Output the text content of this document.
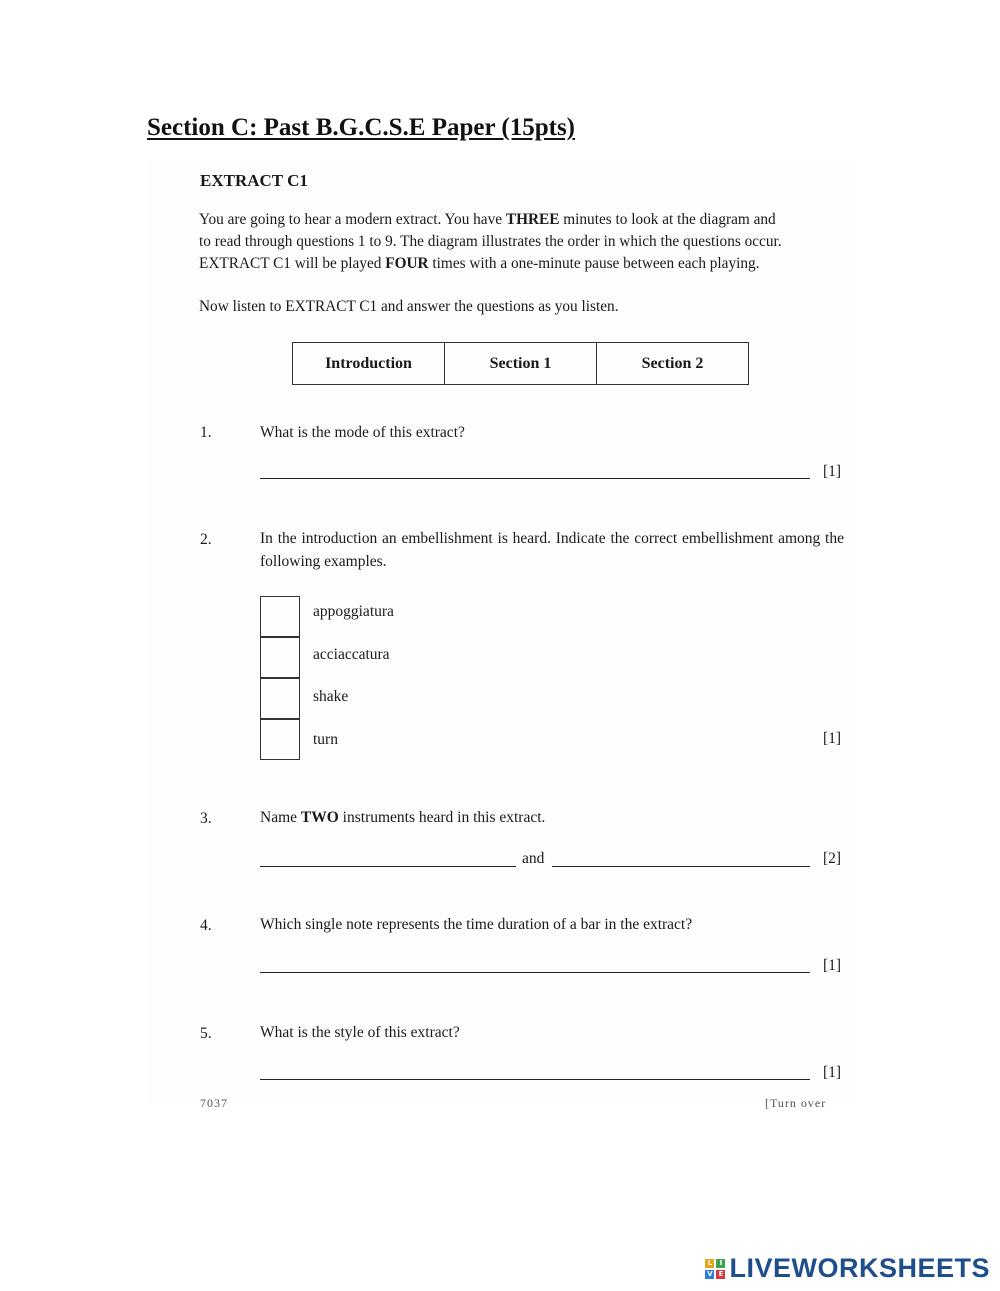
Section C: Past B.G.C.S.E Paper (15pts)
EXTRACT C1
You are going to hear a modern extract. You have THREE minutes to look at the diagram and
to read through questions 1 to 9. The diagram illustrates the order in which the questions occur.
EXTRACT C1 will be played FOUR times with a one-minute pause between each playing.
Now listen to EXTRACT C1 and answer the questions as you listen.
Introduction	Section 1	Section 2
1.	What is the mode of this extract?
[1]
2.	In the introduction an embellishment is heard. Indicate the correct embellishment among the following examples.
appoggiatura
acciaccatura
shake
turn	[1]
3.	Name TWO instruments heard in this extract.
and	[2]
4.	Which single note represents the time duration of a bar in the extract?
[1]
5.	What is the style of this extract?
[1]
L	I
V E LIVEWORKSHEETS
